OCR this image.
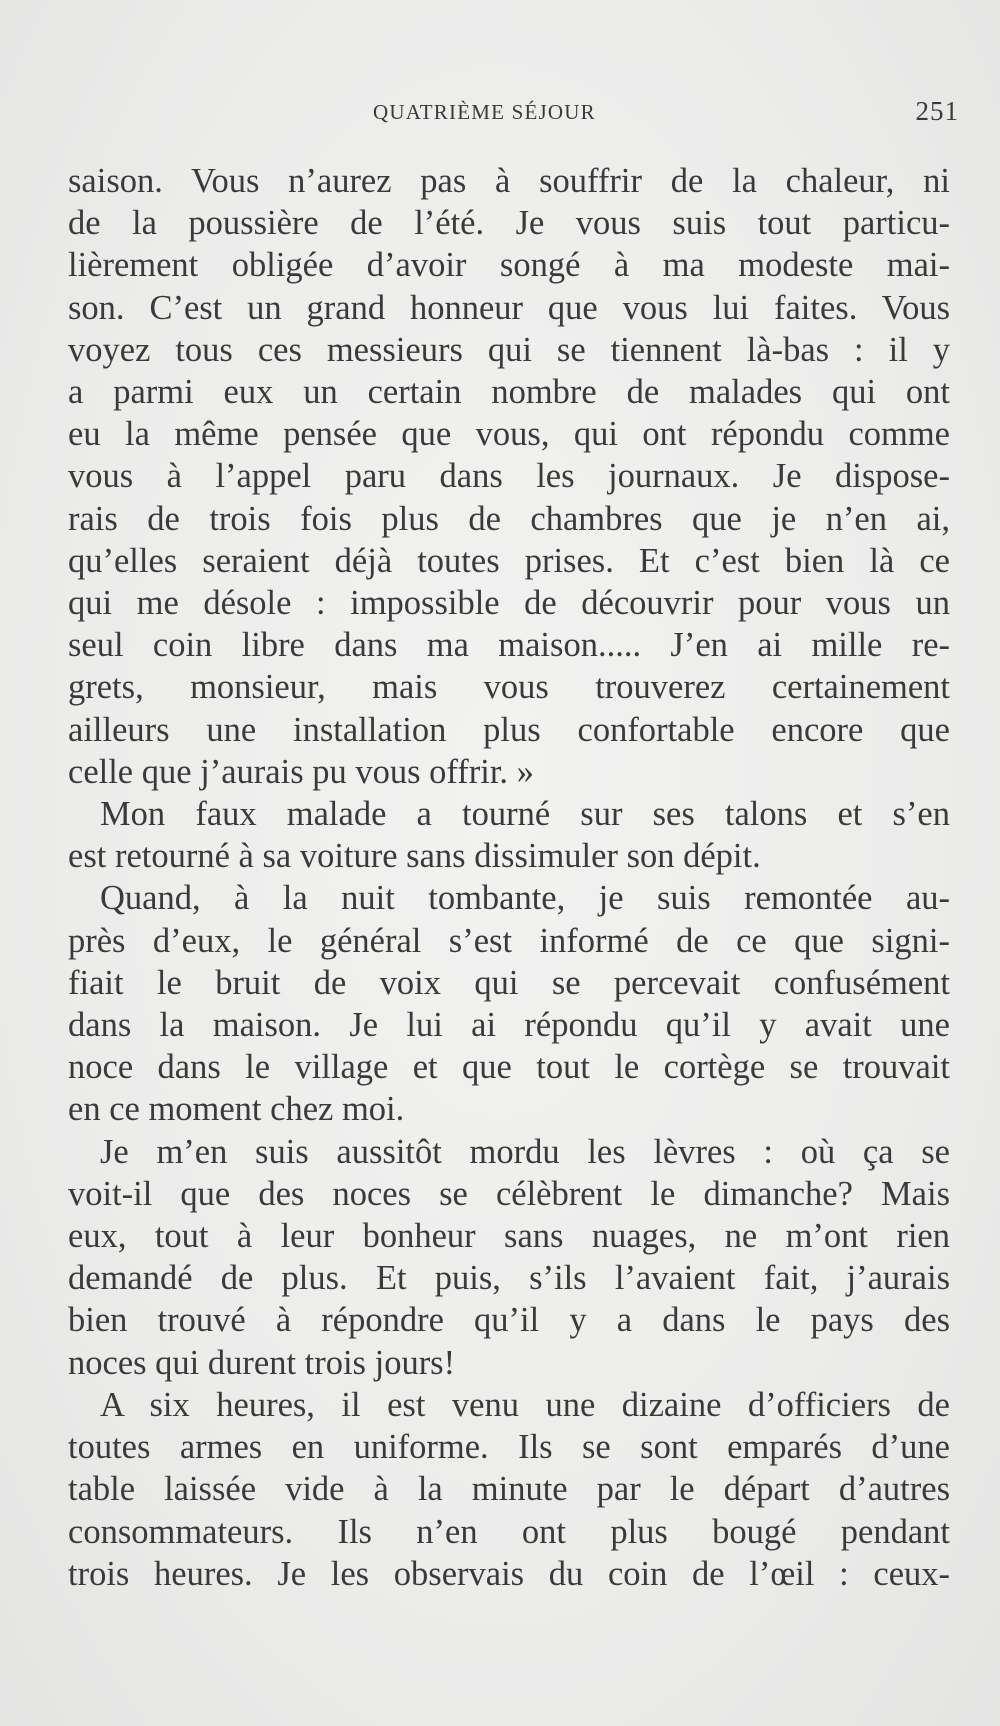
QUATRIÈME SÉJOUR	251

saison. Vous n’aurez pas à souffrir de la chaleur, ni
de la poussière de l’été. Je vous suis tout particu-
lièrement obligée d’avoir songé à ma modeste mai-
son. C’est un grand honneur que vous lui faites. Vous
voyez tous ces messieurs qui se tiennent là-bas : il y
a parmi eux un certain nombre de malades qui ont
eu la même pensée que vous, qui ont répondu comme
vous à l’appel paru dans les journaux. Je dispose-
rais de trois fois plus de chambres que je n’en ai,
qu’elles seraient déjà toutes prises. Et c’est bien là ce
qui me désole : impossible de découvrir pour vous un
seul coin libre dans ma maison..... J’en ai mille re-
grets, monsieur, mais vous trouverez certainement
ailleurs une installation plus confortable encore que
celle que j’aurais pu vous offrir. »

Mon faux malade a tourné sur ses talons et s’en
est retourné à sa voiture sans dissimuler son dépit.

Quand, à la nuit tombante, je suis remontée au-
près d’eux, le général s’est informé de ce que signi-
fiait le bruit de voix qui se percevait confusément
dans la maison. Je lui ai répondu qu’il y avait une
noce dans le village et que tout le cortège se trouvait
en ce moment chez moi.

Je m’en suis aussitôt mordu les lèvres : où ça se
voit-il que des noces se célèbrent le dimanche? Mais
eux, tout à leur bonheur sans nuages, ne m’ont rien
demandé de plus. Et puis, s’ils l’avaient fait, j’aurais
bien trouvé à répondre qu’il y a dans le pays des
noces qui durent trois jours!

A six heures, il est venu une dizaine d’officiers de
toutes armes en uniforme. Ils se sont emparés d’une
table laissée vide à la minute par le départ d’autres
consommateurs. Ils n’en ont plus bougé pendant
trois heures. Je les observais du coin de l’œil : ceux-
